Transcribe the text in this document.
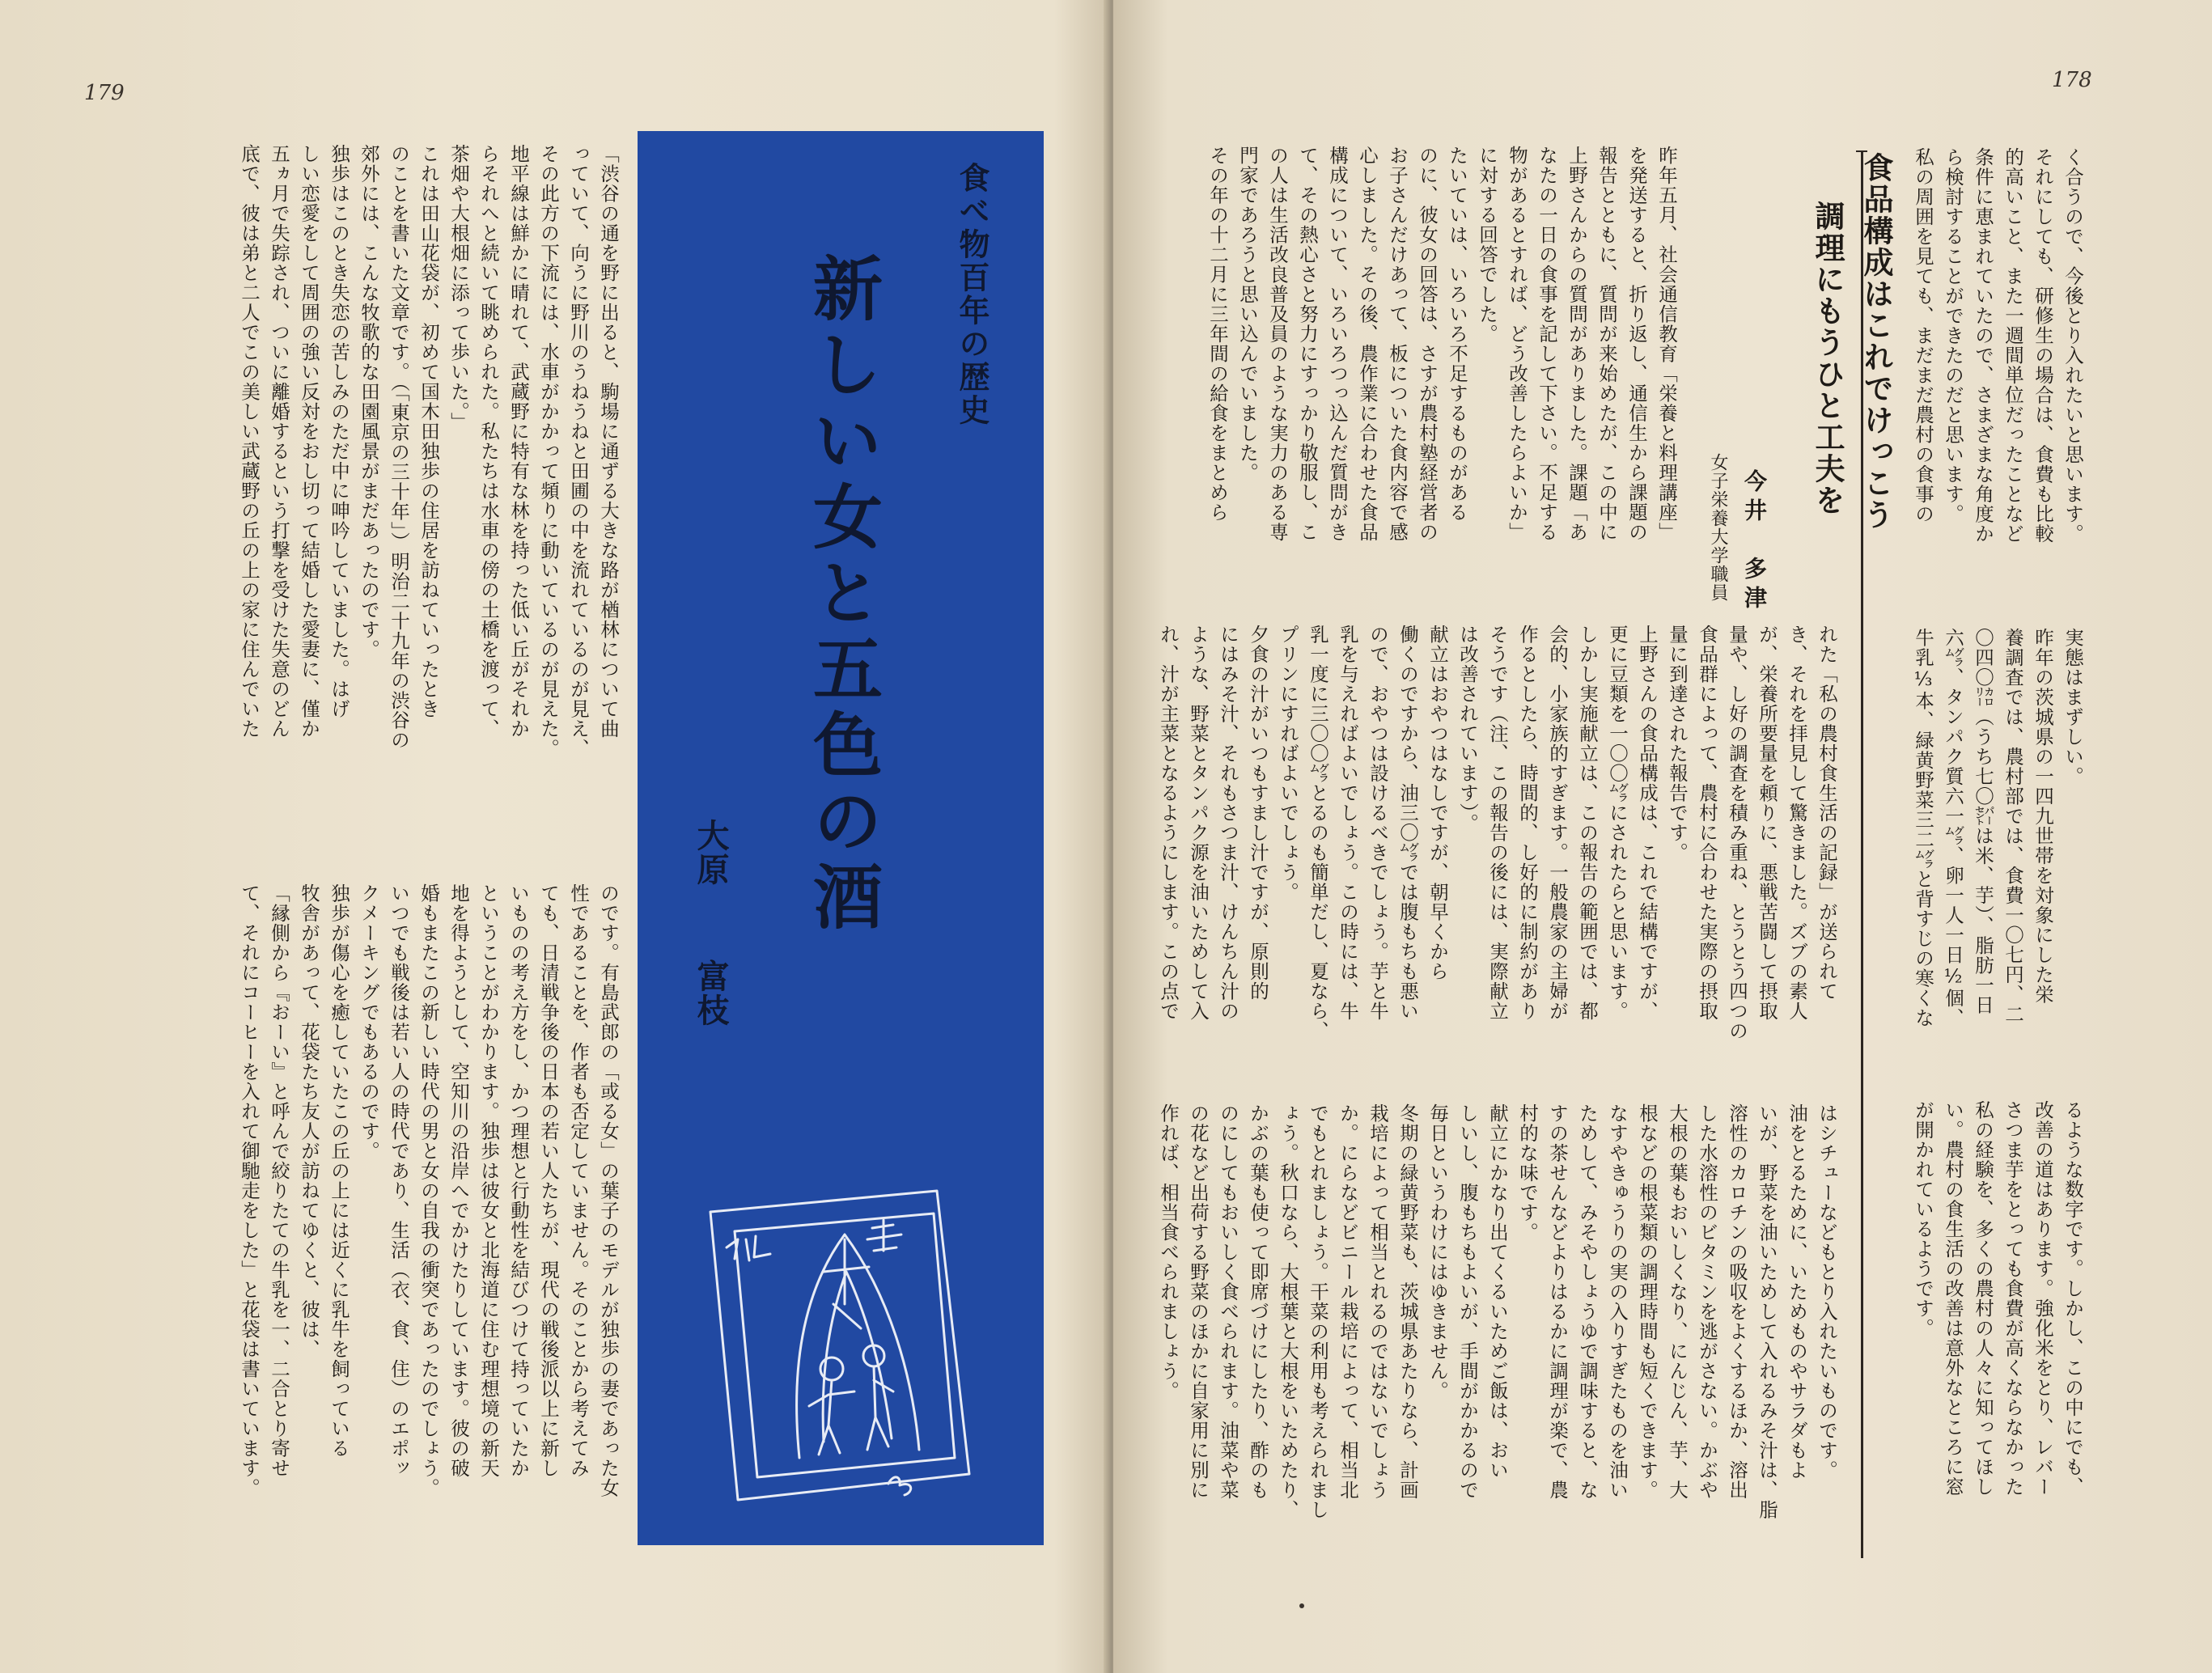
179
「渋谷の通を野に出ると、駒場に通ずる大きな路が楢林について曲
っていて、向うに野川のうねうねと田圃の中を流れているのが見え、
その此方の下流には、水車がかかって頻りに動いているのが見えた。
地平線は鮮かに晴れて、武蔵野に特有な林を持った低い丘がそれか
らそれへと続いて眺められた。私たちは水車の傍の土橋を渡って、
茶畑や大根畑に添って歩いた。」
これは田山花袋が、初めて国木田独歩の住居を訪ねていったとき
のことを書いた文章です。（「東京の三十年」）明治二十九年の渋谷の
郊外には、こんな牧歌的な田園風景がまだあったのです。
独歩はこのとき失恋の苦しみのただ中に呻吟していました。はげ
しい恋愛をして周囲の強い反対をおし切って結婚した愛妻に、僅か
五ヵ月で失踪され、ついに離婚するという打撃を受けた失意のどん
底で、彼は弟と二人でこの美しい武蔵野の丘の上の家に住んでいた
のです。有島武郎の「或る女」の葉子のモデルが独歩の妻であった女
性であることを、作者も否定していません。そのことから考えてみ
ても、日清戦争後の日本の若い人たちが、現代の戦後派以上に新し
いものの考え方をし、かつ理想と行動性を結びつけて持っていたか
ということがわかります。独歩は彼女と北海道に住む理想境の新天
地を得ようとして、空知川の沿岸へでかけたりしています。彼の破
婚もまたこの新しい時代の男と女の自我の衝突であったのでしょう。
いつでも戦後は若い人の時代であり、生活（衣、食、住）のエポッ
クメーキングでもあるのです。
独歩が傷心を癒していたこの丘の上には近くに乳牛を飼っている
牧舎があって、花袋たち友人が訪ねてゆくと、彼は、
「縁側から『おーい』と呼んで絞りたての牛乳を一、二合とり寄せ
て、それにコーヒーを入れて御馳走をした」と花袋は書いています。
食べ物百年の歴史
新しい女と五色の酒
大原富枝
178
く合うので、今後とり入れたいと思います。
それにしても、研修生の場合は、食費も比較
的高いこと、また一週間単位だったことなど
条件に恵まれていたので、さまざまな角度か
ら検討することができたのだと思います。
私の周囲を見ても、まだまだ農村の食事の
実態はまずしい。
昨年の茨城県の一四九世帯を対象にした栄
養調査では、農村部では、食費一〇七円、二
〇四〇㌍（うち七〇㌫は米、芋）、脂肪一日
六㌘、タンパク質六一㌘、卵一人一日½個、
牛乳⅓本、緑黄野菜三二㌘と背すじの寒くな
るような数字です。しかし、この中にでも、
改善の道はあります。強化米をとり、レバー
さつま芋をとっても食費が高くならなかった
私の経験を、多くの農村の人々に知ってほし
い。農村の食生活の改善は意外なところに窓
が開かれているようです。
昨年五月、社会通信教育「栄養と料理講座」
を発送すると、折り返し、通信生から課題の
報告とともに、質問が来始めたが、この中に
上野さんからの質問がありました。課題「あ
なたの一日の食事を記して下さい。不足する
物があるとすれば、どう改善したらよいか」
に対する回答でした。
たいていは、いろいろ不足するものがある
のに、彼女の回答は、さすが農村塾経営者の
お子さんだけあって、板についた食内容で感
心しました。その後、農作業に合わせた食品
構成について、いろいろつっ込んだ質問がき
て、その熱心さと努力にすっかり敬服し、こ
の人は生活改良普及員のような実力のある専
門家であろうと思い込んでいました。
その年の十二月に三年間の給食をまとめら
れた「私の農村食生活の記録」が送られて
き、それを拝見して驚きました。ズブの素人
が、栄養所要量を頼りに、悪戦苦闘して摂取
量や、し好の調査を積み重ね、とうとう四つの
食品群によって、農村に合わせた実際の摂取
量に到達された報告です。
上野さんの食品構成は、これで結構ですが、
更に豆類を一〇〇㌘にされたらと思います。
しかし実施献立は、この報告の範囲では、都
会的、小家族的すぎます。一般農家の主婦が
作るとしたら、時間的、し好的に制約があり
そうです（注、この報告の後には、実際献立
は改善されています）。
献立はおやつはなしですが、朝早くから
働くのですから、油三〇㌘では腹もちも悪い
ので、おやつは設けるべきでしょう。芋と牛
乳を与えればよいでしょう。この時には、牛
乳一度に三〇〇㌘とるのも簡単だし、夏なら、
プリンにすればよいでしょう。
夕食の汁がいつもすまし汁ですが、原則的
にはみそ汁、それもさつま汁、けんちん汁の
ような、野菜とタンパク源を油いためして入
れ、汁が主菜となるようにします。この点で
はシチューなどもとり入れたいものです。
油をとるために、いためものやサラダもよ
いが、野菜を油いためして入れるみそ汁は、脂
溶性のカロチンの吸収をよくするほか、溶出
した水溶性のビタミンを逃がさない。かぶや
大根の葉もおいしくなり、にんじん、芋、大
根などの根菜類の調理時間も短くできます。
なすやきゅうりの実の入りすぎたものを油い
ためして、みそやしょうゆで調味すると、な
すの茶せんなどよりはるかに調理が楽で、農
村的な味です。
献立にかなり出てくるいためご飯は、おい
しいし、腹もちもよいが、手間がかかるので
毎日というわけにはゆきません。
冬期の緑黄野菜も、茨城県あたりなら、計画
栽培によって相当とれるのではないでしょう
か。にらなどビニール栽培によって、相当北
でもとれましょう。干菜の利用も考えられまし
ょう。秋口なら、大根葉と大根をいためたり、
かぶの葉も使って即席づけにしたり、酢のも
のにしてもおいしく食べられます。油菜や菜
の花など出荷する野菜のほかに自家用に別に
作れば、相当食べられましょう。
食品構成はこれでけっこう
調理にもうひと工夫を
今井　多津
女子栄養大学職員
